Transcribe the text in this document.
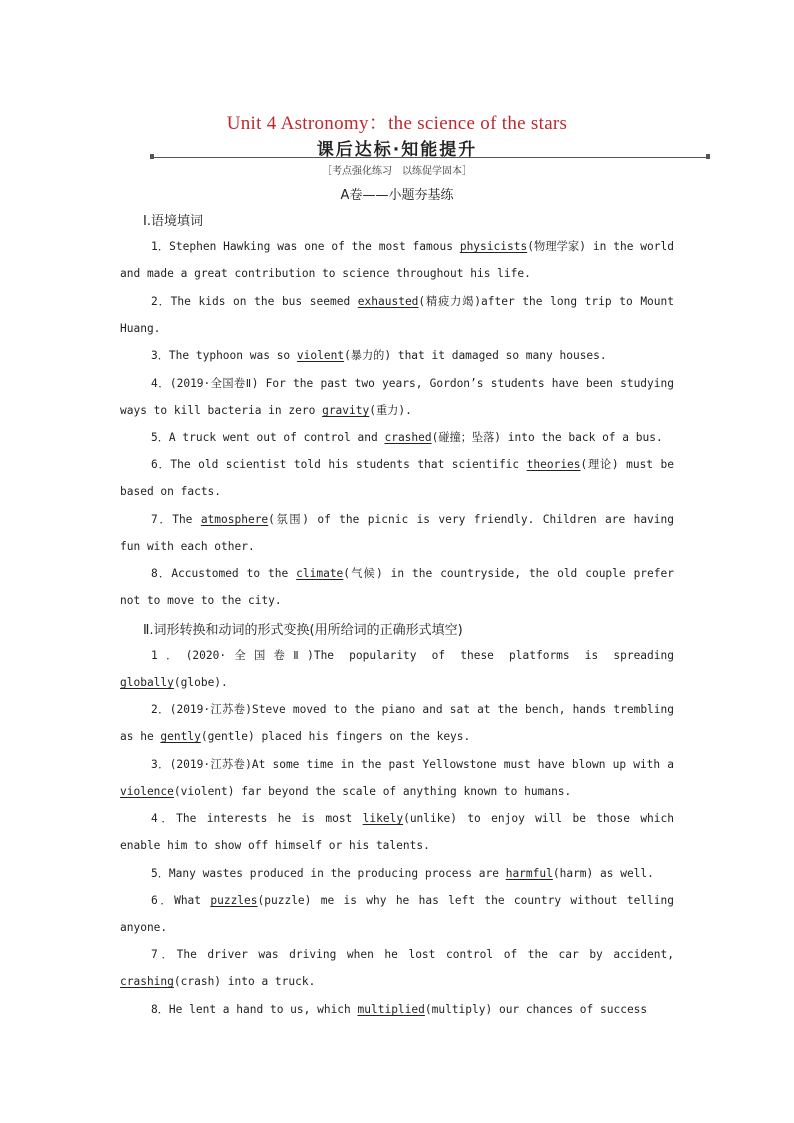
Unit 4 Astronomy：the science of the stars
课后达标·知能提升
［考点强化练习　以练促学固本］
A卷——小题夯基练
Ⅰ.语境填词
1．Stephen Hawking was one of the most famous physicists(物理学家) in the world and made a great contribution to science throughout his life.
2．The kids on the bus seemed exhausted(精疲力竭)after the long trip to Mount Huang.
3．The typhoon was so violent(暴力的) that it damaged so many houses.
4．(2019·全国卷Ⅱ) For the past two years, Gordon’s students have been studying ways to kill bacteria in zero gravity(重力).
5．A truck went out of control and crashed(碰撞；坠落) into the back of a bus.
6．The old scientist told his students that scientific theories(理论) must be based on facts.
7．The atmosphere(氛围) of the picnic is very friendly. Children are having fun with each other.
8．Accustomed to the climate(气候) in the countryside, the old couple prefer not to move to the city.
Ⅱ.词形转换和动词的形式变换(用所给词的正确形式填空)
1．(2020·全国卷Ⅱ)The popularity of these platforms is spreading globally(globe).
2．(2019·江苏卷)Steve moved to the piano and sat at the bench, hands trembling as he gently(gentle) placed his fingers on the keys.
3．(2019·江苏卷)At some time in the past Yellowstone must have blown up with a violence(violent) far beyond the scale of anything known to humans.
4．The interests he is most likely(unlike) to enjoy will be those which enable him to show off himself or his talents.
5．Many wastes produced in the producing process are harmful(harm) as well.
6．What puzzles(puzzle) me is why he has left the country without telling anyone.
7．The driver was driving when he lost control of the car by accident, crashing(crash) into a truck.
8．He lent a hand to us, which multiplied(multiply) our chances of success
